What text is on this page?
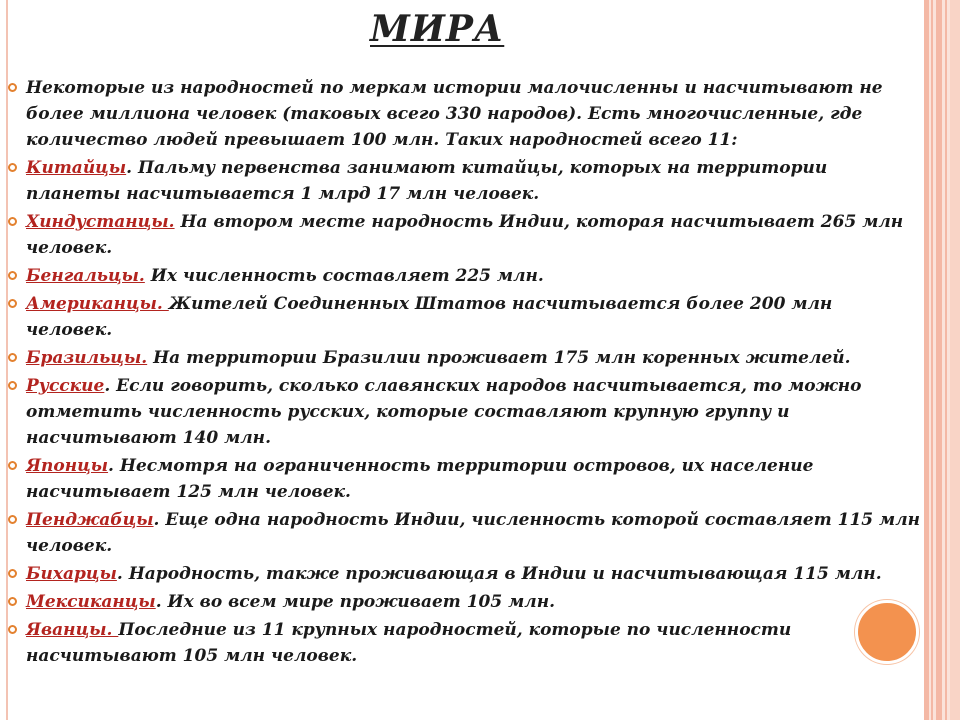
МИРА
Некоторые из народностей по меркам истории малочисленны и насчитывают не более миллиона человек (таковых всего 330 народов). Есть многочисленные, где количество людей превышает 100 млн. Таких народностей всего 11:
Китайцы. Пальму первенства занимают китайцы, которых на территории планеты насчитывается 1 млрд 17 млн человек.
Хиндустанцы. На втором месте народность Индии, которая насчитывает 265 млн человек.
Бенгальцы. Их численность составляет 225 млн.
Американцы. Жителей Соединенных Штатов насчитывается более 200 млн человек.
Бразильцы. На территории Бразилии проживает 175 млн коренных жителей.
Русские. Если говорить, сколько славянских народов насчитывается, то можно отметить численность русских, которые составляют крупную группу и насчитывают 140 млн.
Японцы. Несмотря на ограниченность территории островов, их население насчитывает 125 млн человек.
Пенджабцы. Еще одна народность Индии, численность которой составляет 115 млн человек.
Бихарцы. Народность, также проживающая в Индии и насчитывающая 115 млн.
Мексиканцы. Их во всем мире проживает 105 млн.
Яванцы. Последние из 11 крупных народностей, которые по численности насчитывают 105 млн человек.
